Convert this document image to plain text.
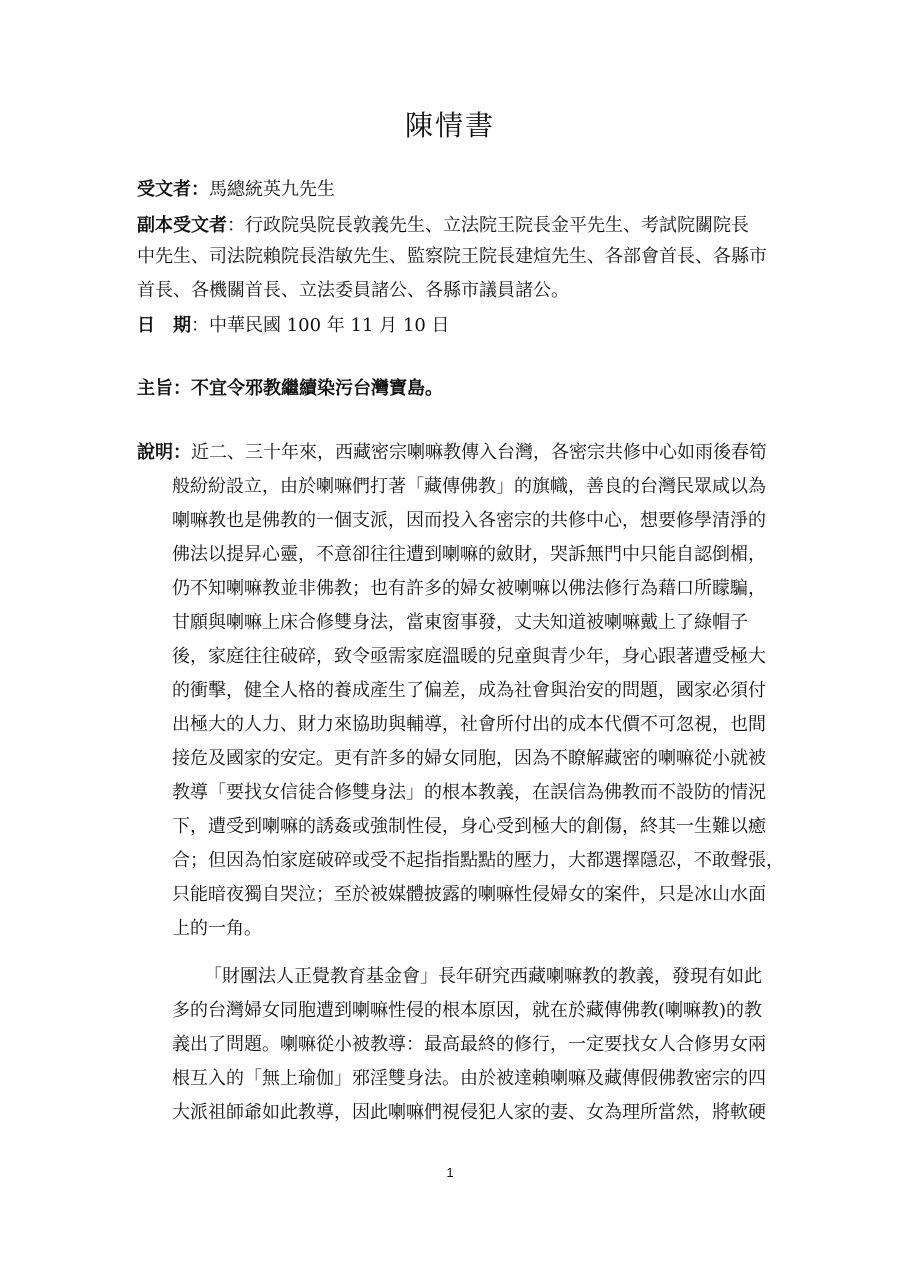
陳情書
受文者：馬總統英九先生
副本受文者：行政院吳院長敦義先生、立法院王院長金平先生、考試院關院長
中先生、司法院賴院長浩敏先生、監察院王院長建煊先生、各部會首長、各縣市
首長、各機關首長、立法委員諸公、各縣市議員諸公。
日　期：中華民國 100 年 11 月 10 日
主旨：不宜令邪教繼續染污台灣寶島。
說明：近二、三十年來，西藏密宗喇嘛教傳入台灣，各密宗共修中心如雨後春筍
般紛紛設立，由於喇嘛們打著「藏傳佛教」的旗幟，善良的台灣民眾咸以為
喇嘛教也是佛教的一個支派，因而投入各密宗的共修中心，想要修學清淨的
佛法以提昇心靈，不意卻往往遭到喇嘛的斂財，哭訴無門中只能自認倒楣，
仍不知喇嘛教並非佛教；也有許多的婦女被喇嘛以佛法修行為藉口所矇騙，
甘願與喇嘛上床合修雙身法，當東窗事發，丈夫知道被喇嘛戴上了綠帽子
後，家庭往往破碎，致令亟需家庭溫暖的兒童與青少年，身心跟著遭受極大
的衝擊，健全人格的養成產生了偏差，成為社會與治安的問題，國家必須付
出極大的人力、財力來協助與輔導，社會所付出的成本代價不可忽視，也間
接危及國家的安定。更有許多的婦女同胞，因為不瞭解藏密的喇嘛從小就被
教導「要找女信徒合修雙身法」的根本教義，在誤信為佛教而不設防的情況
下，遭受到喇嘛的誘姦或強制性侵，身心受到極大的創傷，終其一生難以癒
合；但因為怕家庭破碎或受不起指指點點的壓力，大都選擇隱忍，不敢聲張，
只能暗夜獨自哭泣；至於被媒體披露的喇嘛性侵婦女的案件，只是冰山水面
上的一角。
「財團法人正覺教育基金會」長年研究西藏喇嘛教的教義，發現有如此
多的台灣婦女同胞遭到喇嘛性侵的根本原因，就在於藏傳佛教(喇嘛教)的教
義出了問題。喇嘛從小被教導：最高最終的修行，一定要找女人合修男女兩
根互入的「無上瑜伽」邪淫雙身法。由於被達賴喇嘛及藏傳假佛教密宗的四
大派祖師爺如此教導，因此喇嘛們視侵犯人家的妻、女為理所當然，將軟硬
1
